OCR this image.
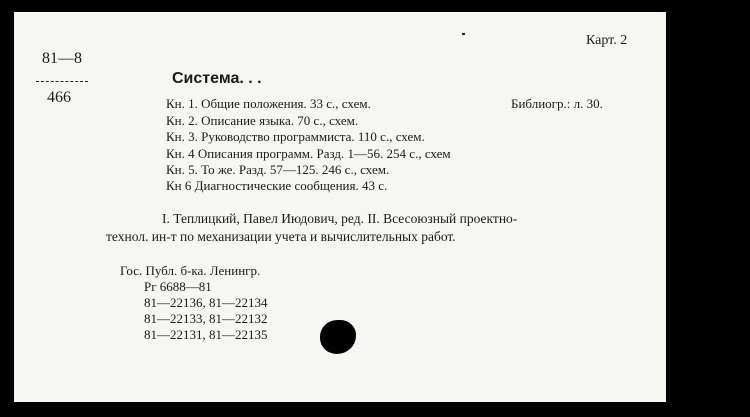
81—8
466
Карт. 2
Система. . .
Кн. 1. Общие положения. 33 с., схем.	Библиогр.: л. 30.
Кн. 2. Описание языка. 70 с., схем.
Кн. 3. Руководство программиста. 110 с., схем.
Кн. 4 Описания программ. Разд. 1—56. 254 с., схем
Кн. 5. То же. Разд. 57—125. 246 с., схем.
Кн 6 Диагностические сообщения. 43 с.
I. Теплицкий, Павел Июдович, ред. II. Всесоюзный проектно-
технол. ин-т по механизации учета и вычислительных работ.
Гос. Публ. б-ка. Ленингр.
Рг 6688—81
81—22136, 81—22134
81—22133, 81—22132
81—22131, 81—22135
